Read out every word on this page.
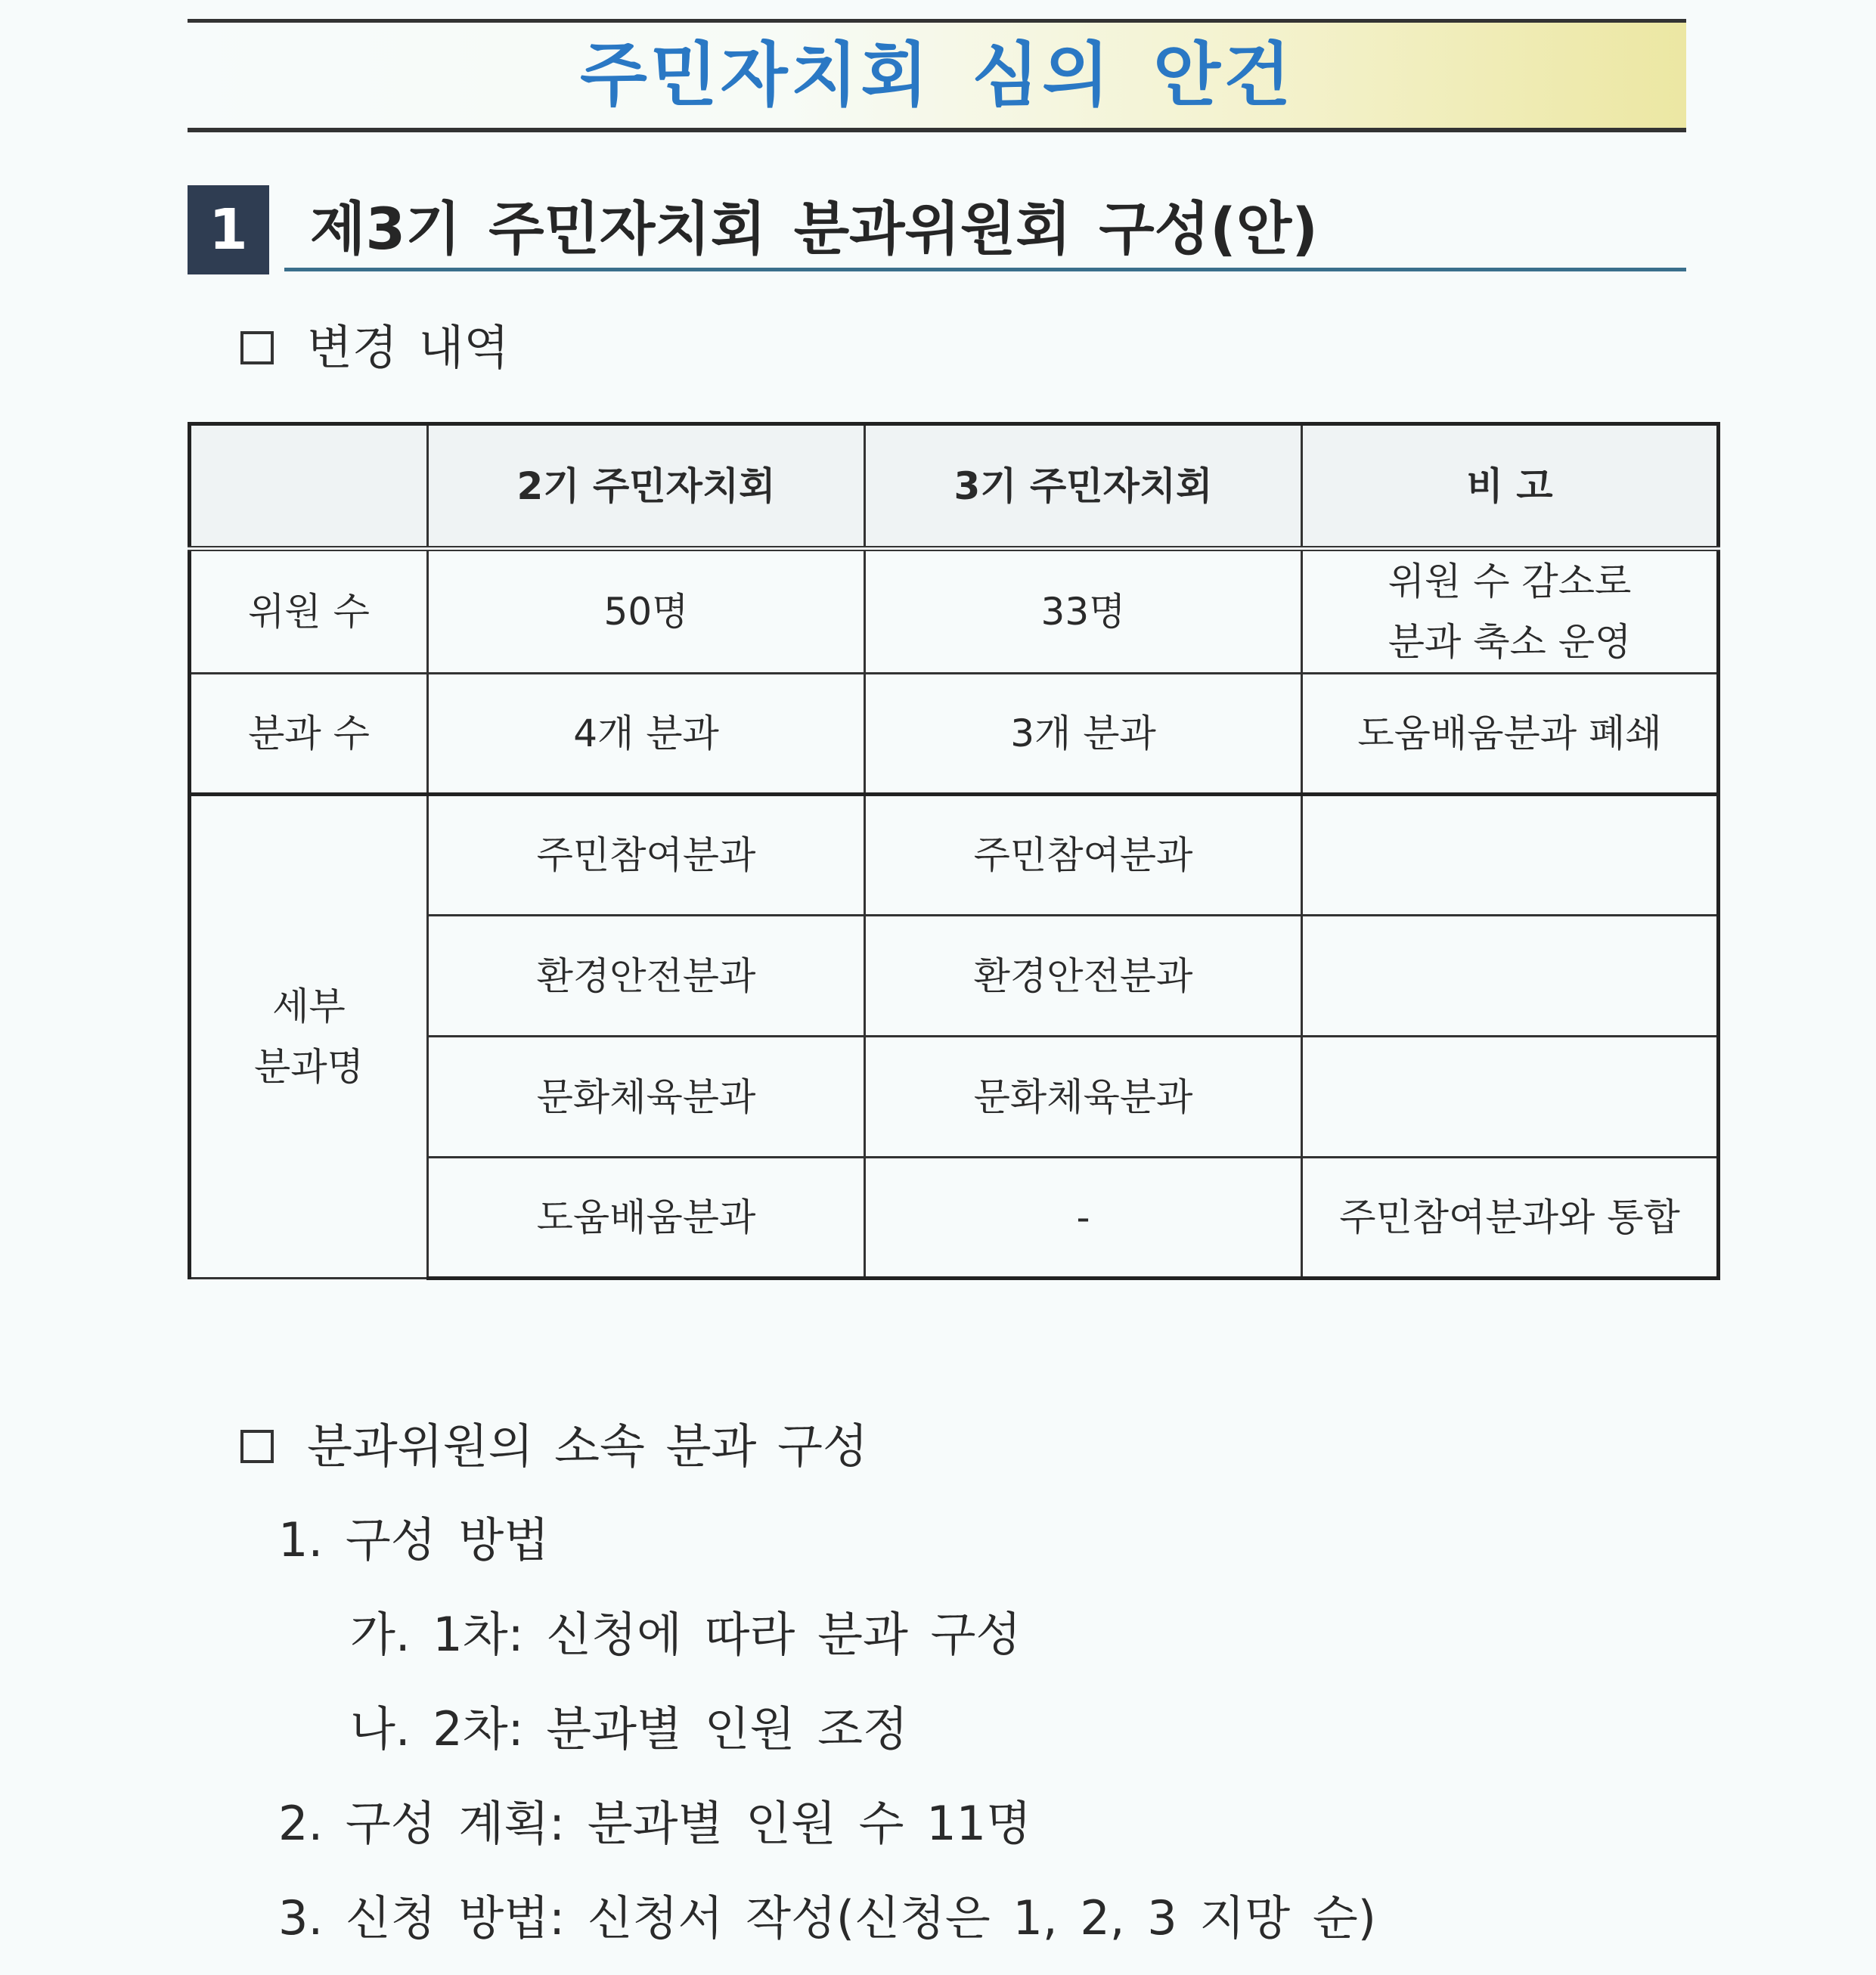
주민자치회 심의 안건
1	제3기 주민자치회 분과위원회 구성(안)
변경 내역
	2기 주민자치회	3기 주민자치회	비 고
위원 수	50명	33명	위원 수 감소로
분과 축소 운영

분과 수	4개 분과	3개 분과	도움배움분과 폐쇄

세부
분과명	주민참여분과	주민참여분과	
	환경안전분과	환경안전분과	
	문화체육분과	문화체육분과	
	도움배움분과	-	주민참여분과와 통합
분과위원의 소속 분과 구성
1. 구성 방법
가. 1차: 신청에 따라 분과 구성
나. 2차: 분과별 인원 조정
2. 구성 계획: 분과별 인원 수 11명
3. 신청 방법: 신청서 작성(신청은 1, 2, 3 지망 순)
